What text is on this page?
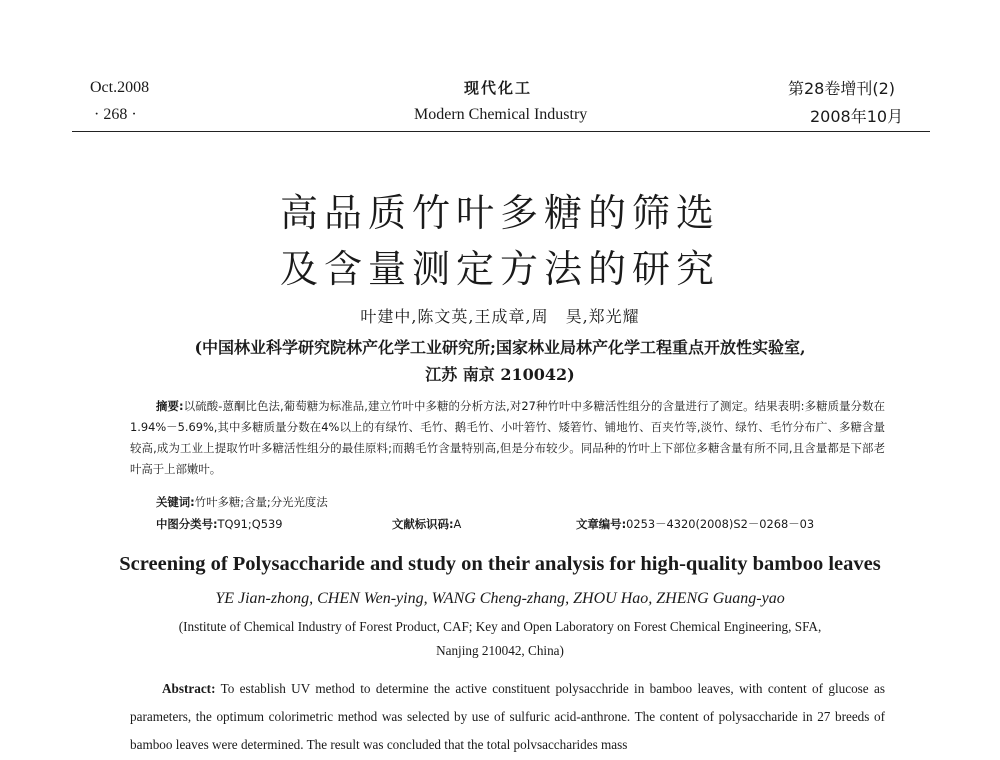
Oct.2008
· 268 ·
现代化工
Modern Chemical Industry
第28卷增刊(2)
2008年10月
高品质竹叶多糖的筛选
及含量测定方法的研究
叶建中,陈文英,王成章,周　昊,郑光耀
(中国林业科学研究院林产化学工业研究所;国家林业局林产化学工程重点开放性实验室,
江苏 南京 210042)
摘要:以硫酸-蒽酮比色法,葡萄糖为标准品,建立竹叶中多糖的分析方法,对27种竹叶中多糖活性组分的含量进行了测定。结果表明:多糖质量分数在1.94%－5.69%,其中多糖质量分数在4%以上的有绿竹、毛竹、鹅毛竹、小叶箬竹、矮箬竹、铺地竹、百夹竹等,淡竹、绿竹、毛竹分布广、多糖含量较高,成为工业上提取竹叶多糖活性组分的最佳原料;而鹅毛竹含量特别高,但是分布较少。同品种的竹叶上下部位多糖含量有所不同,且含量都是下部老叶高于上部嫩叶。
关键词:竹叶多糖;含量;分光光度法
中图分类号:TQ91;Q539	文献标识码:A	文章编号:0253－4320(2008)S2－0268－03
Screening of Polysaccharide and study on their analysis for high-quality bamboo leaves
YE Jian-zhong, CHEN Wen-ying, WANG Cheng-zhang, ZHOU Hao, ZHENG Guang-yao
(Institute of Chemical Industry of Forest Product, CAF; Key and Open Laboratory on Forest Chemical Engineering, SFA,
Nanjing 210042, China)
Abstract: To establish UV method to determine the active constituent polysacchride in bamboo leaves, with content of glucose as parameters, the optimum colorimetric method was selected by use of sulfuric acid-anthrone. The content of polysaccharide in 27 breeds of bamboo leaves were determined. The result was concluded that the total polvsaccharides mass
